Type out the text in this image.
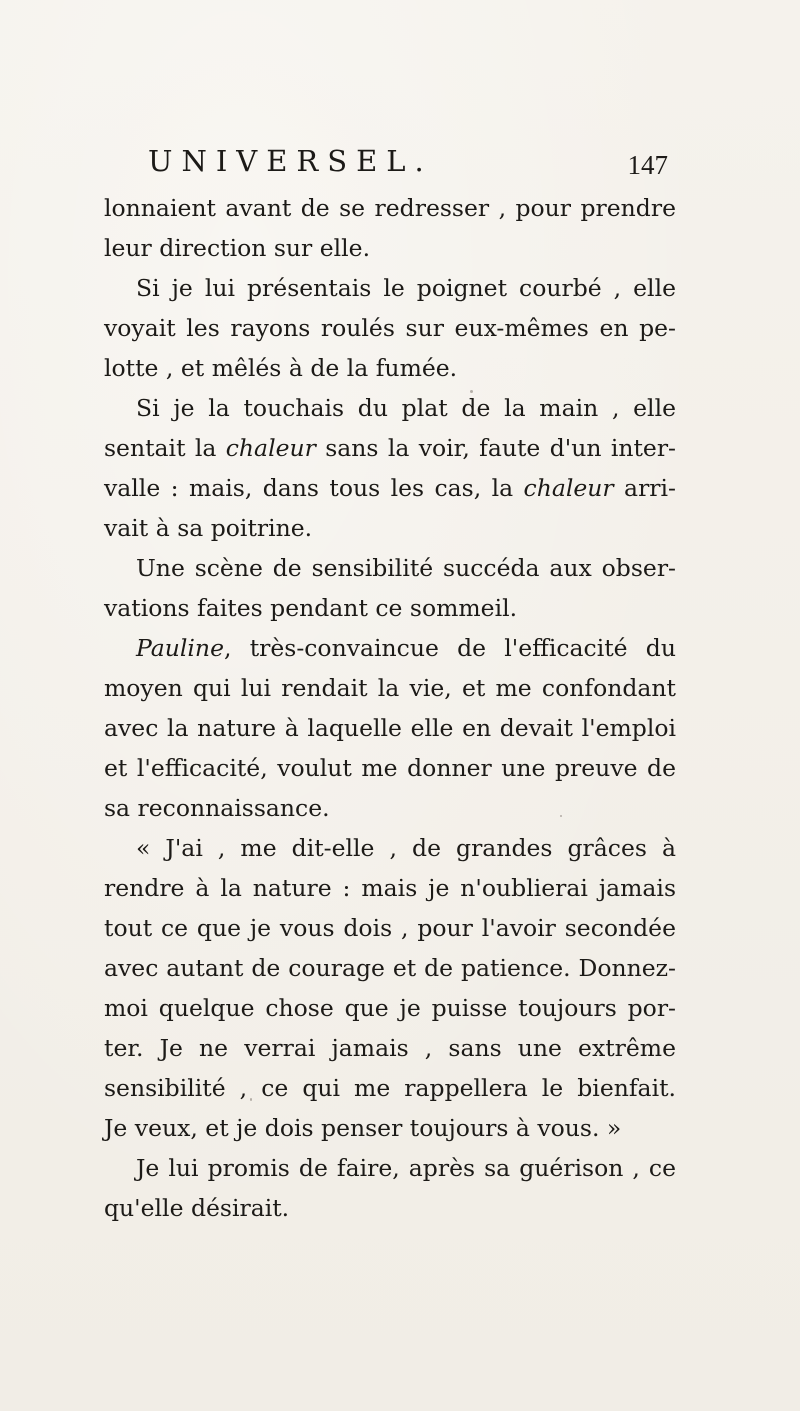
UNIVERSEL.	147
lonnaient avant de se redresser , pour prendre
leur direction sur elle.
Si je lui présentais le poignet courbé , elle
voyait les rayons roulés sur eux-mêmes en pe-
lotte , et mêlés à de la fumée.
Si je la touchais du plat de la main , elle
sentait la chaleur sans la voir, faute d'un inter-
valle : mais, dans tous les cas, la chaleur arri-
vait à sa poitrine.
Une scène de sensibilité succéda aux obser-
vations faites pendant ce sommeil.
Pauline, très-convaincue de l'efficacité du
moyen qui lui rendait la vie, et me confondant
avec la nature à laquelle elle en devait l'emploi
et l'efficacité, voulut me donner une preuve de
sa reconnaissance.
« J'ai , me dit-elle , de grandes grâces à
rendre à la nature : mais je n'oublierai jamais
tout ce que je vous dois , pour l'avoir secondée
avec autant de courage et de patience. Donnez-
moi quelque chose que je puisse toujours por-
ter. Je ne verrai jamais , sans une extrême
sensibilité , ce qui me rappellera le bienfait.
Je veux, et je dois penser toujours à vous. »
Je lui promis de faire, après sa guérison , ce
qu'elle désirait.
